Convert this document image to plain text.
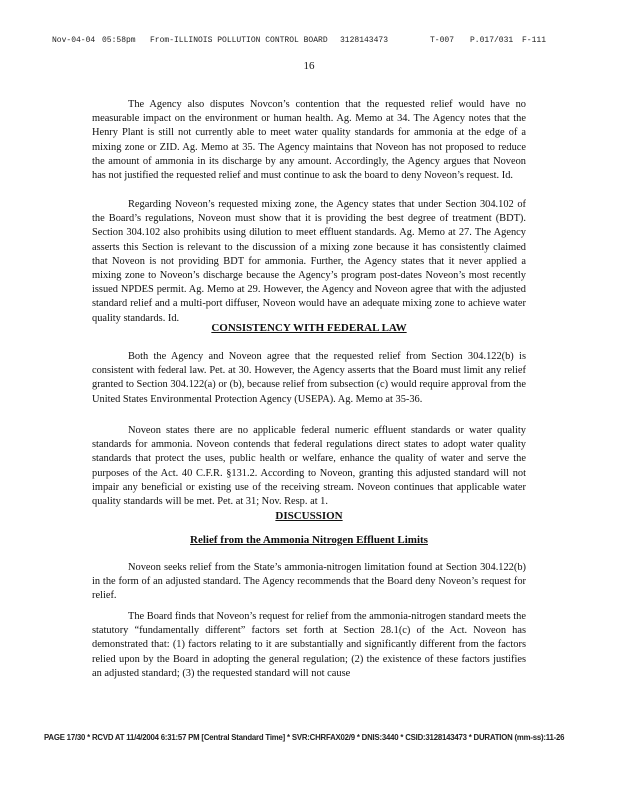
Nov-04-04 05:58pm From-ILLINOIS POLLUTION CONTROL BOARD 3128143473	T-007 P.017/031 F-111
16

The Agency also disputes Novcon’s contention that the requested relief would have no measurable impact on the environment or human health. Ag. Memo at 34. The Agency notes that the Henry Plant is still not currently able to meet water quality standards for ammonia at the edge of a mixing zone or ZID. Ag. Memo at 35. The Agency maintains that Noveon has not proposed to reduce the amount of ammonia in its discharge by any amount. Accordingly, the Agency argues that Noveon has not justified the requested relief and must continue to ask the board to deny Noveon’s request. Id.

Regarding Noveon’s requested mixing zone, the Agency states that under Section 304.102 of the Board’s regulations, Noveon must show that it is providing the best degree of treatment (BDT). Section 304.102 also prohibits using dilution to meet effluent standards. Ag. Memo at 27. The Agency asserts this Section is relevant to the discussion of a mixing zone because it has consistently claimed that Noveon is not providing BDT for ammonia. Further, the Agency states that it never applied a mixing zone to Noveon’s discharge because the Agency’s program post-dates Noveon’s most recently issued NPDES permit. Ag. Memo at 29. However, the Agency and Noveon agree that with the adjusted standard relief and a multi-port diffuser, Noveon would have an adequate mixing zone to achieve water quality standards. Id.

CONSISTENCY WITH FEDERAL LAW

Both the Agency and Noveon agree that the requested relief from Section 304.122(b) is consistent with federal law. Pet. at 30. However, the Agency asserts that the Board must limit any relief granted to Section 304.122(a) or (b), because relief from subsection (c) would require approval from the United States Environmental Protection Agency (USEPA). Ag. Memo at 35-36.

Noveon states there are no applicable federal numeric effluent standards or water quality standards for ammonia. Noveon contends that federal regulations direct states to adopt water quality standards that protect the uses, public health or welfare, enhance the quality of water and serve the purposes of the Act. 40 C.F.R. §131.2. According to Noveon, granting this adjusted standard will not impair any beneficial or existing use of the receiving stream. Noveon continues that applicable water quality standards will be met. Pet. at 31; Nov. Resp. at 1.

DISCUSSION

Relief from the Ammonia Nitrogen Effluent Limits

Noveon seeks relief from the State’s ammonia-nitrogen limitation found at Section 304.122(b) in the form of an adjusted standard. The Agency recommends that the Board deny Noveon’s request for relief.

The Board finds that Noveon’s request for relief from the ammonia-nitrogen standard meets the statutory “fundamentally different” factors set forth at Section 28.1(c) of the Act. Noveon has demonstrated that: (1) factors relating to it are substantially and significantly different from the factors relied upon by the Board in adopting the general regulation; (2) the existence of these factors justifies an adjusted standard; (3) the requested standard will not cause

PAGE 17/30 * RCVD AT 11/4/2004 6:31:57 PM [Central Standard Time] * SVR:CHRFAX02/9 * DNIS:3440 * CSID:3128143473 * DURATION (mm-ss):11-26
